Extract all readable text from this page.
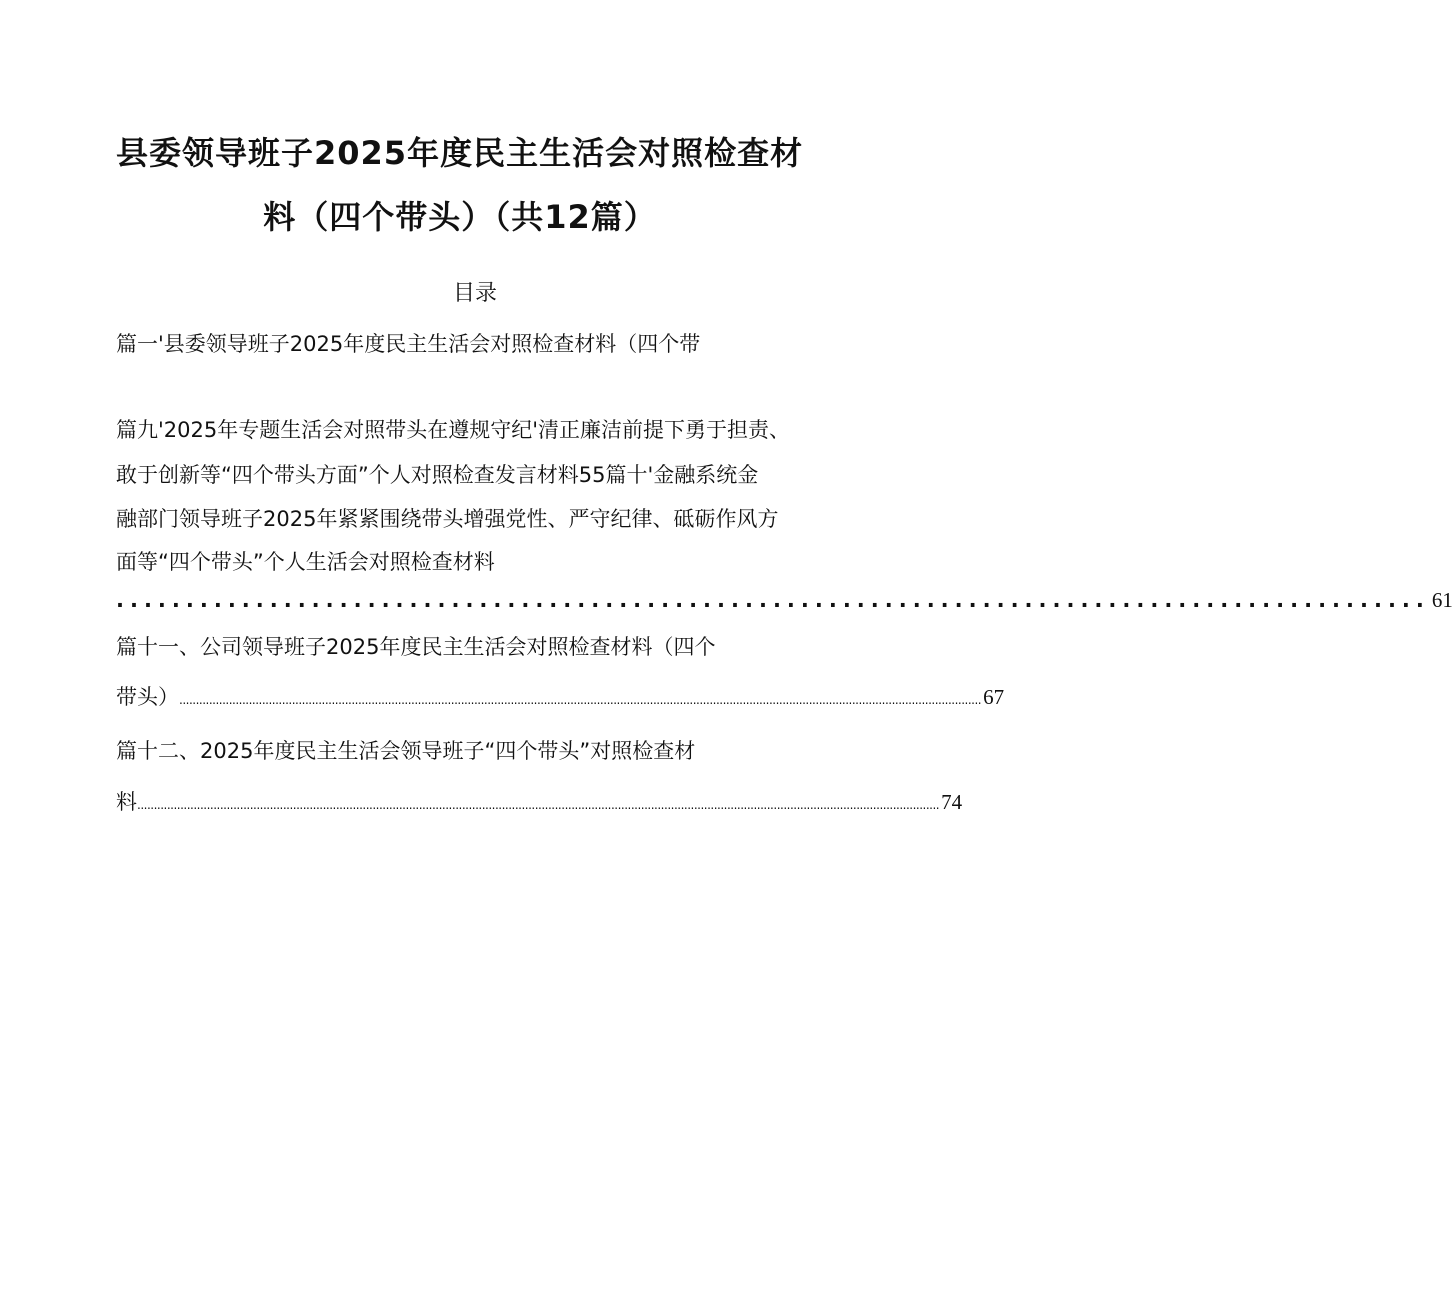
县委领导班子2025年度民主生活会对照检查材
料（四个带头）（共12篇）
目录
篇一'县委领导班子2025年度民主生活会对照检查材料（四个带
篇九'2025年专题生活会对照带头在遵规守纪'清正廉洁前提下勇于担责、
敢于创新等“四个带头方面”个人对照检查发言材料55篇十'金融系统金
融部门领导班子2025年紧紧围绕带头增强党性、严守纪律、砥砺作风方
面等“四个带头”个人生活会对照检查材料
.............................................................................................. 61
篇十一、公司领导班子2025年度民主生活会对照检查材料（四个
带头） .................................................................................................................................................................................................................................................. 67
篇十二、2025年度民主生活会领导班子“四个带头”对照检查材
料 .................................................................................................................................................................................................................................................. 74
